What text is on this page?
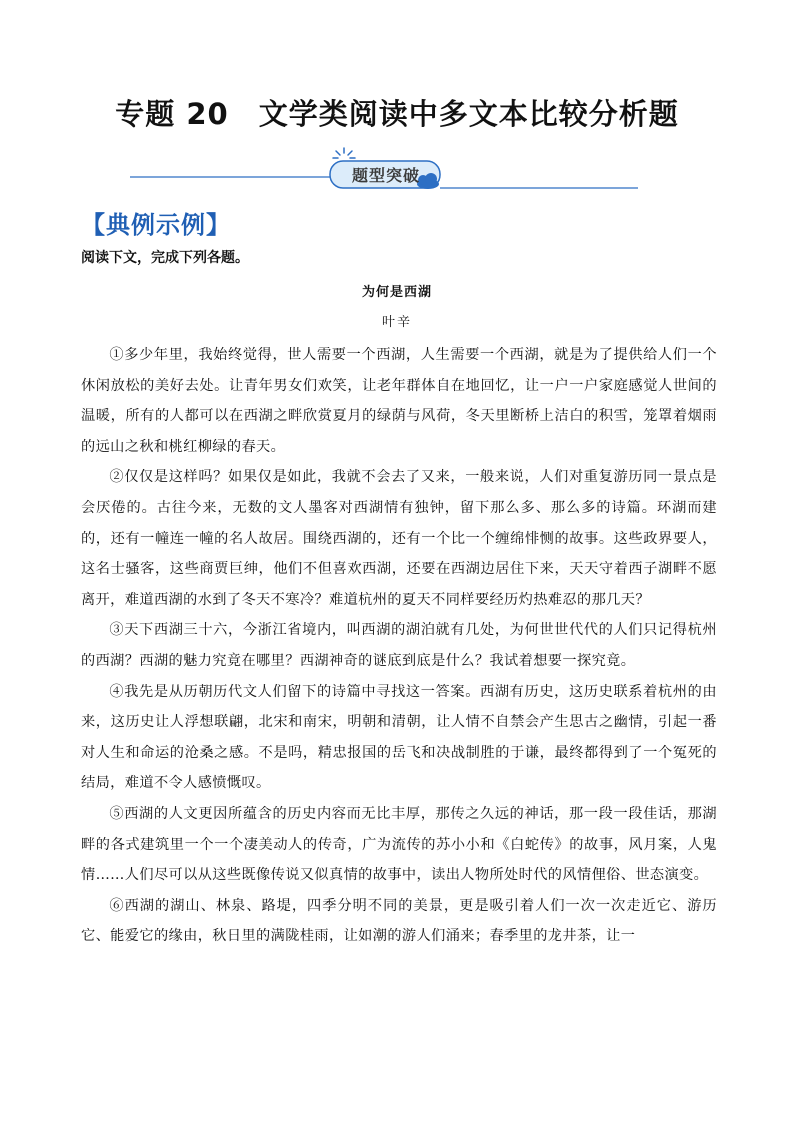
专题 20　文学类阅读中多文本比较分析题
题型突破
【典例示例】
阅读下文，完成下列各题。
为何是西湖
叶辛

①多少年里，我始终觉得，世人需要一个西湖，人生需要一个西湖，就是为了提供给人们一个休闲放松的美好去处。让青年男女们欢笑，让老年群体自在地回忆，让一户一户家庭感觉人世间的温暖，所有的人都可以在西湖之畔欣赏夏月的绿荫与风荷，冬天里断桥上洁白的积雪，笼罩着烟雨的远山之秋和桃红柳绿的春天。

②仅仅是这样吗？如果仅是如此，我就不会去了又来，一般来说，人们对重复游历同一景点是会厌倦的。古往今来，无数的文人墨客对西湖情有独钟，留下那么多、那么多的诗篇。环湖而建的，还有一幢连一幢的名人故居。围绕西湖的，还有一个比一个缠绵悱恻的故事。这些政界要人，这名士骚客，这些商贾巨绅，他们不但喜欢西湖，还要在西湖边居住下来，天天守着西子湖畔不愿离开，难道西湖的水到了冬天不寒冷？难道杭州的夏天不同样要经历灼热难忍的那几天？

③天下西湖三十六，今浙江省境内，叫西湖的湖泊就有几处，为何世世代代的人们只记得杭州的西湖？西湖的魅力究竟在哪里？西湖神奇的谜底到底是什么？我试着想要一探究竟。

④我先是从历朝历代文人们留下的诗篇中寻找这一答案。西湖有历史，这历史联系着杭州的由来，这历史让人浮想联翩，北宋和南宋，明朝和清朝，让人情不自禁会产生思古之幽情，引起一番对人生和命运的沧桑之感。不是吗，精忠报国的岳飞和决战制胜的于谦，最终都得到了一个冤死的结局，难道不令人感愤慨叹。

⑤西湖的人文更因所蕴含的历史内容而无比丰厚，那传之久远的神话，那一段一段佳话，那湖畔的各式建筑里一个一个凄美动人的传奇，广为流传的苏小小和《白蛇传》的故事，风月案，人鬼情……人们尽可以从这些既像传说又似真情的故事中，读出人物所处时代的风情俚俗、世态演变。

⑥西湖的湖山、林泉、路堤，四季分明不同的美景，更是吸引着人们一次一次走近它、游历它、能爱它的缘由，秋日里的满陇桂雨，让如潮的游人们涌来；春季里的龙井茶，让一
